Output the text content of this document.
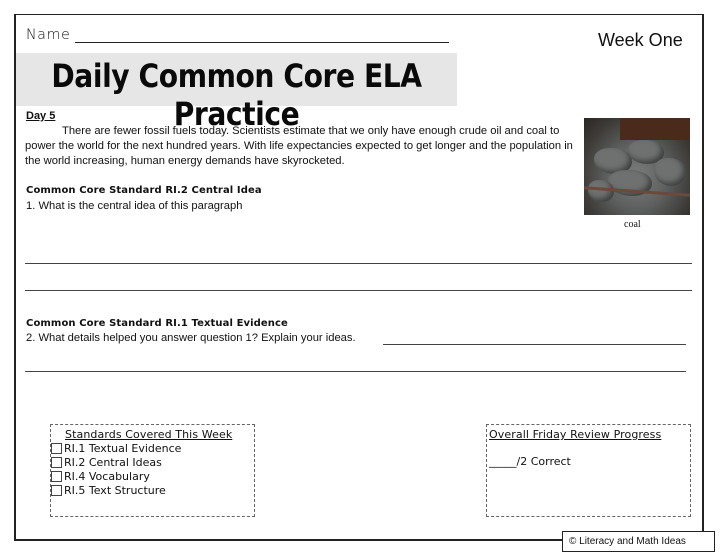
Name	Week One
Daily Common Core ELA Practice
Day 5
There are fewer fossil fuels today. Scientists estimate that we only have enough crude oil and coal to power the world for the next hundred years. With life expectancies expected to get longer and the population in the world increasing, human energy demands have skyrocketed.
coal
Common Core Standard RI.2 Central Idea
1. What is the central idea of this paragraph
Common Core Standard RI.1 Textual Evidence
2. What details helped you answer question 1? Explain your ideas.
Standards Covered This Week
RI.1 Textual Evidence
RI.2 Central Ideas
RI.4 Vocabulary
RI.5 Text Structure
Overall Friday Review Progress
_____/2 Correct
© Literacy and Math Ideas
